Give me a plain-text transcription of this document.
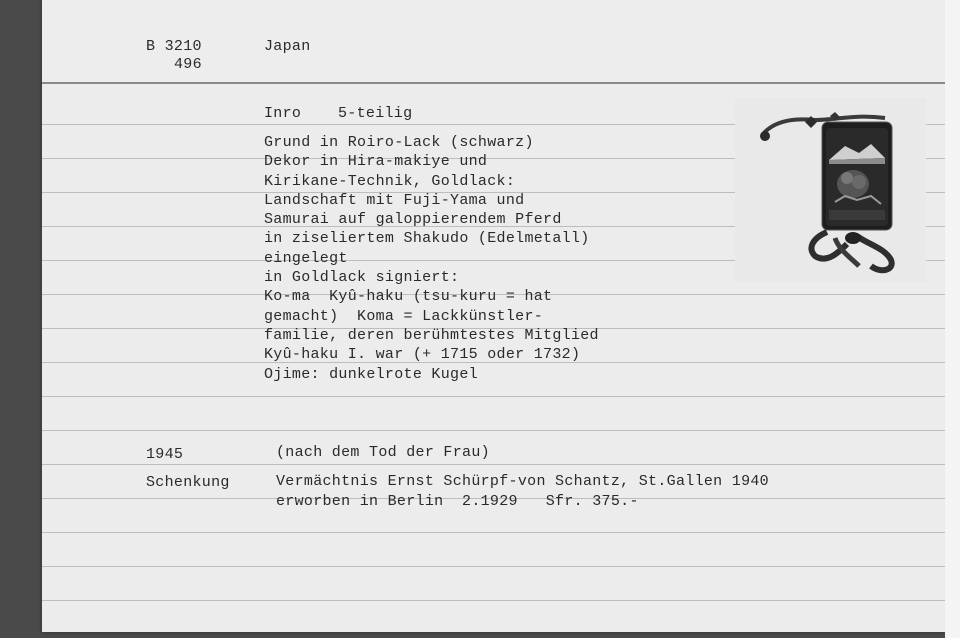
B 3210
496
Japan
Inro 5-teilig
Grund in Roiro-Lack (schwarz)
Dekor in Hira-makiye und
Kirikane-Technik, Goldlack:
Landschaft mit Fuji-Yama und
Samurai auf galoppierendem Pferd
in ziseliertem Shakudo (Edelmetall)
eingelegt
in Goldlack signiert:
Ko-ma  Kyû-haku (tsu-kuru = hat
gemacht)  Koma = Lackkünstler-
familie, deren berühmtestes Mitglied
Kyû-haku I. war (+ 1715 oder 1732)
Ojime: dunkelrote Kugel
1945	(nach dem Tod der Frau)
Schenkung	Vermächtnis Ernst Schürpf-von Schantz, St.Gallen 1940
erworben in Berlin  2.1929   Sfr. 375.-
